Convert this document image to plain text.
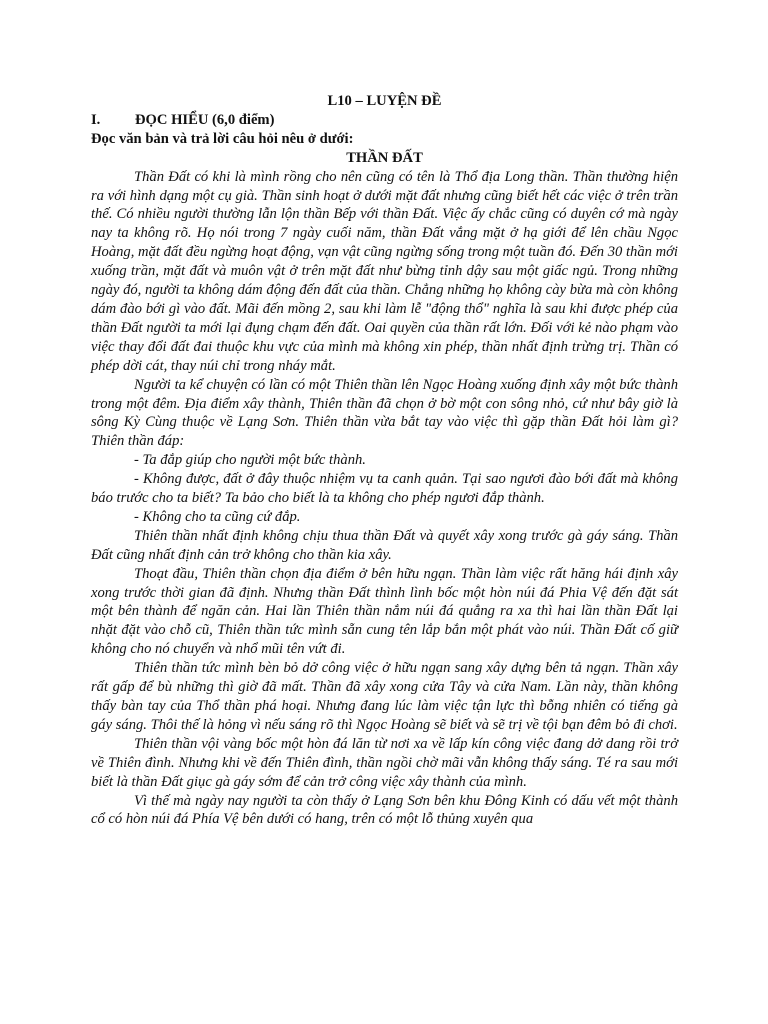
L10 – LUYỆN ĐỀ

I.	ĐỌC HIỂU (6,0 điểm)

Đọc văn bản và trả lời câu hỏi nêu ở dưới:

THẦN ĐẤT

Thần Đất có khi là mình rồng cho nên cũng có tên là Thổ địa Long thần. Thần thường hiện ra với hình dạng một cụ già. Thần sinh hoạt ở dưới mặt đất nhưng cũng biết hết các việc ở trên trần thế. Có nhiều người thường lẫn lộn thần Bếp với thần Đất. Việc ấy chắc cũng có duyên cớ mà ngày nay ta không rõ. Họ nói trong 7 ngày cuối năm, thần Đất vắng mặt ở hạ giới để lên chầu Ngọc Hoàng, mặt đất đều ngừng hoạt động, vạn vật cũng ngừng sống trong một tuần đó. Đến 30 thần mới xuống trần, mặt đất và muôn vật ở trên mặt đất như bừng tỉnh dậy sau một giấc ngủ. Trong những ngày đó, người ta không dám động đến đất của thần. Chẳng những họ không cày bừa mà còn không dám đào bới gì vào đất. Mãi đến mồng 2, sau khi làm lễ "động thổ" nghĩa là sau khi được phép của thần Đất người ta mới lại đụng chạm đến đất. Oai quyền của thần rất lớn. Đối với kẻ nào phạm vào việc thay đổi đất đai thuộc khu vực của mình mà không xin phép, thần nhất định trừng trị. Thần có phép dời cát, thay núi chỉ trong nháy mắt.

Người ta kể chuyện có lần có một Thiên thần lên Ngọc Hoàng xuống định xây một bức thành trong một đêm. Địa điểm xây thành, Thiên thần đã chọn ở bờ một con sông nhỏ, cứ như bây giờ là sông Kỳ Cùng thuộc về Lạng Sơn. Thiên thần vừa bắt tay vào việc thì gặp thần Đất hỏi làm gì? Thiên thần đáp:

- Ta đắp giúp cho người một bức thành.

- Không được, đất ở đây thuộc nhiệm vụ ta canh quản. Tại sao ngươi đào bới đất mà không báo trước cho ta biết? Ta bảo cho biết là ta không cho phép ngươi đắp thành.

- Không cho ta cũng cứ đắp.

Thiên thần nhất định không chịu thua thần Đất và quyết xây xong trước gà gáy sáng. Thần Đất cũng nhất định cản trở không cho thần kia xây.

Thoạt đầu, Thiên thần chọn địa điểm ở bên hữu ngạn. Thần làm việc rất hăng hái định xây xong trước thời gian đã định. Nhưng thần Đất thình lình bốc một hòn núi đá Phia Vệ đến đặt sát một bên thành để ngăn cản. Hai lần Thiên thần nắm núi đá quẳng ra xa thì hai lần thần Đất lại nhặt đặt vào chỗ cũ, Thiên thần tức mình sẵn cung tên lắp bắn một phát vào núi. Thần Đất cố giữ không cho nó chuyển và nhổ mũi tên vứt đi.

Thiên thần tức mình bèn bỏ dở công việc ở hữu ngạn sang xây dựng bên tả ngạn. Thần xây rất gấp để bù những thì giờ đã mất. Thần đã xây xong cửa Tây và cửa Nam. Lần này, thần không thấy bàn tay của Thổ thần phá hoại. Nhưng đang lúc làm việc tận lực thì bỗng nhiên có tiếng gà gáy sáng. Thôi thế là hỏng vì nếu sáng rõ thì Ngọc Hoàng sẽ biết và sẽ trị về tội bạn đêm bỏ đi chơi.

Thiên thần vội vàng bốc một hòn đá lăn từ nơi xa về lấp kín công việc đang dở dang rồi trở về Thiên đình. Nhưng khi về đến Thiên đình, thần ngồi chờ mãi vẫn không thấy sáng. Té ra sau mới biết là thần Đất giục gà gáy sớm để cản trở công việc xây thành của mình.

Vì thế mà ngày nay người ta còn thấy ở Lạng Sơn bên khu Đông Kinh có dấu vết một thành cổ có hòn núi đá Phía Vệ bên dưới có hang, trên có một lỗ thủng xuyên qua
